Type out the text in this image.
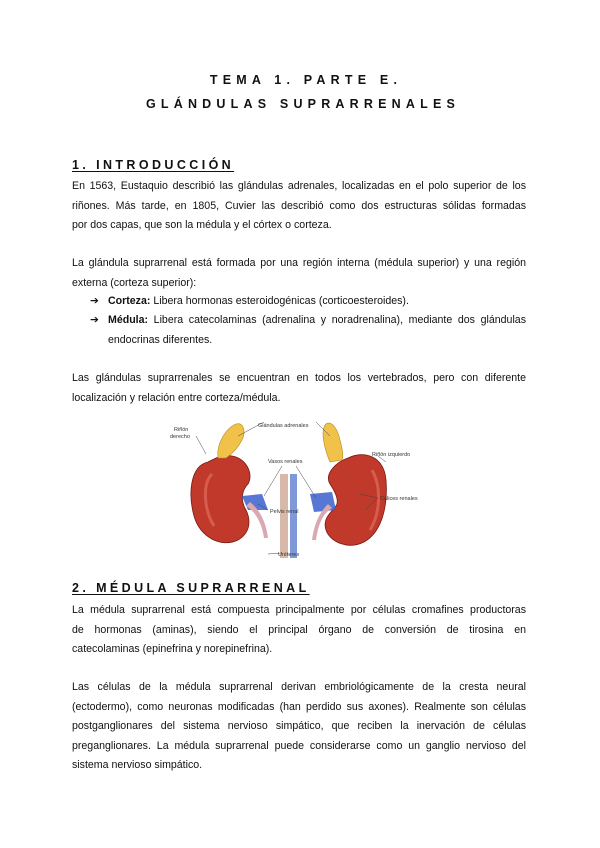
TEMA 1. PARTE E.
GLÁNDULAS SUPRARRENALES
1. INTRODUCCIÓN
En 1563, Eustaquio describió las glándulas adrenales, localizadas en el polo superior de los
riñones. Más tarde, en 1805, Cuvier las describió como dos estructuras sólidas formadas
por dos capas, que son la médula y el córtex o corteza.
La glándula suprarrenal está formada por una región interna (médula superior) y una región
externa (corteza superior):
➔ Corteza: Libera hormonas esteroidogénicas (corticoesteroides).
➔ Médula: Libera catecolaminas (adrenalina y noradrenalina), mediante dos glándulas endocrinas diferentes.
Las glándulas suprarrenales se encuentran en todos los vertebrados, pero con diferente
localización y relación entre corteza/médula.
Glándulas adrenales
Riñón
derecho
Riñón izquierdo
Vasos renales
Cálices renales
Pelvis renal
Uréteres
2. MÉDULA SUPRARRENAL
La médula suprarrenal está compuesta principalmente por células cromafines productoras
de hormonas (aminas), siendo el principal órgano de conversión de tirosina en
catecolaminas (epinefrina y norepinefrina).
Las células de la médula suprarrenal derivan embriológicamente de la cresta neural
(ectodermo), como neuronas modificadas (han perdido sus axones). Realmente son células
postganglionares del sistema nervioso simpático, que reciben la inervación de células
preganglionares. La médula suprarrenal puede considerarse como un ganglio nervioso del
sistema nervioso simpático.
